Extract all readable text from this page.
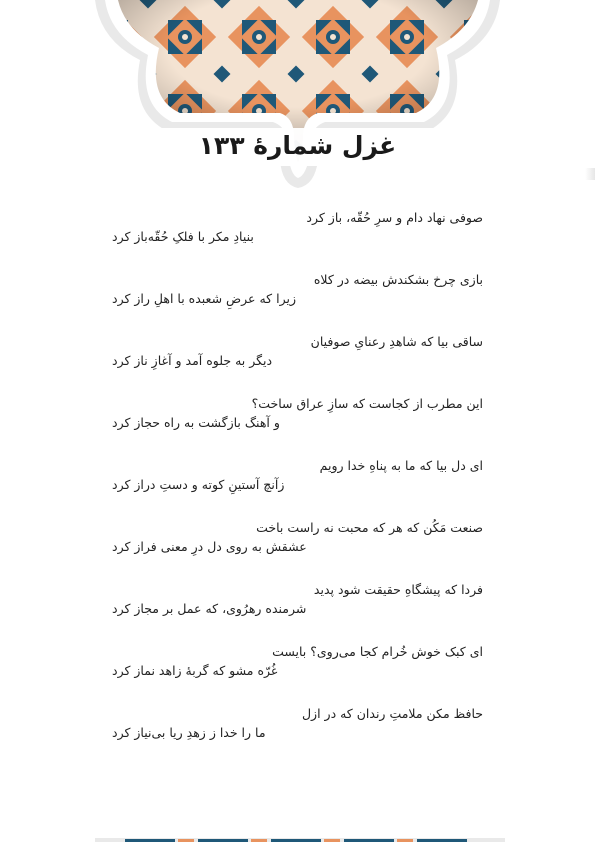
غزل شمارهٔ ۱۳۳
صوفی نهاد دام و سرِ حُقّه، باز کرد
بنیادِ مکر با فلکِ حُقّه‌باز کرد
بازی چرخ بشکندش بیضه در کلاه
زیرا که عرضِ شعبده با اهلِ راز کرد
ساقی بیا که شاهدِ رعنایِ صوفیان
دیگر به جلوه آمد و آغازِ ناز کرد
این مطرب از کجاست که سازِ عراق ساخت؟
و آهنگ بازگشت به راه حجاز کرد
ای دل بیا که ما به پناهِ خدا رویم
زآنچ آستینِ کوته و دستِ دراز کرد
صنعت مَکُن که هر که محبت نه راست باخت
عشقش به روی دل درِ معنی فراز کرد
فردا که پیشگاهِ حقیقت شود پدید
شرمنده رهرُوی، که عمل بر مجاز کرد
ای کبک خوش خُرام کجا می‌روی؟ بایست
غُرّه مشو که گربهٔ زاهد نماز کرد
حافظ مکن ملامتِ رندان که در ازل
ما را خدا ز زهدِ ریا بی‌نیاز کرد
